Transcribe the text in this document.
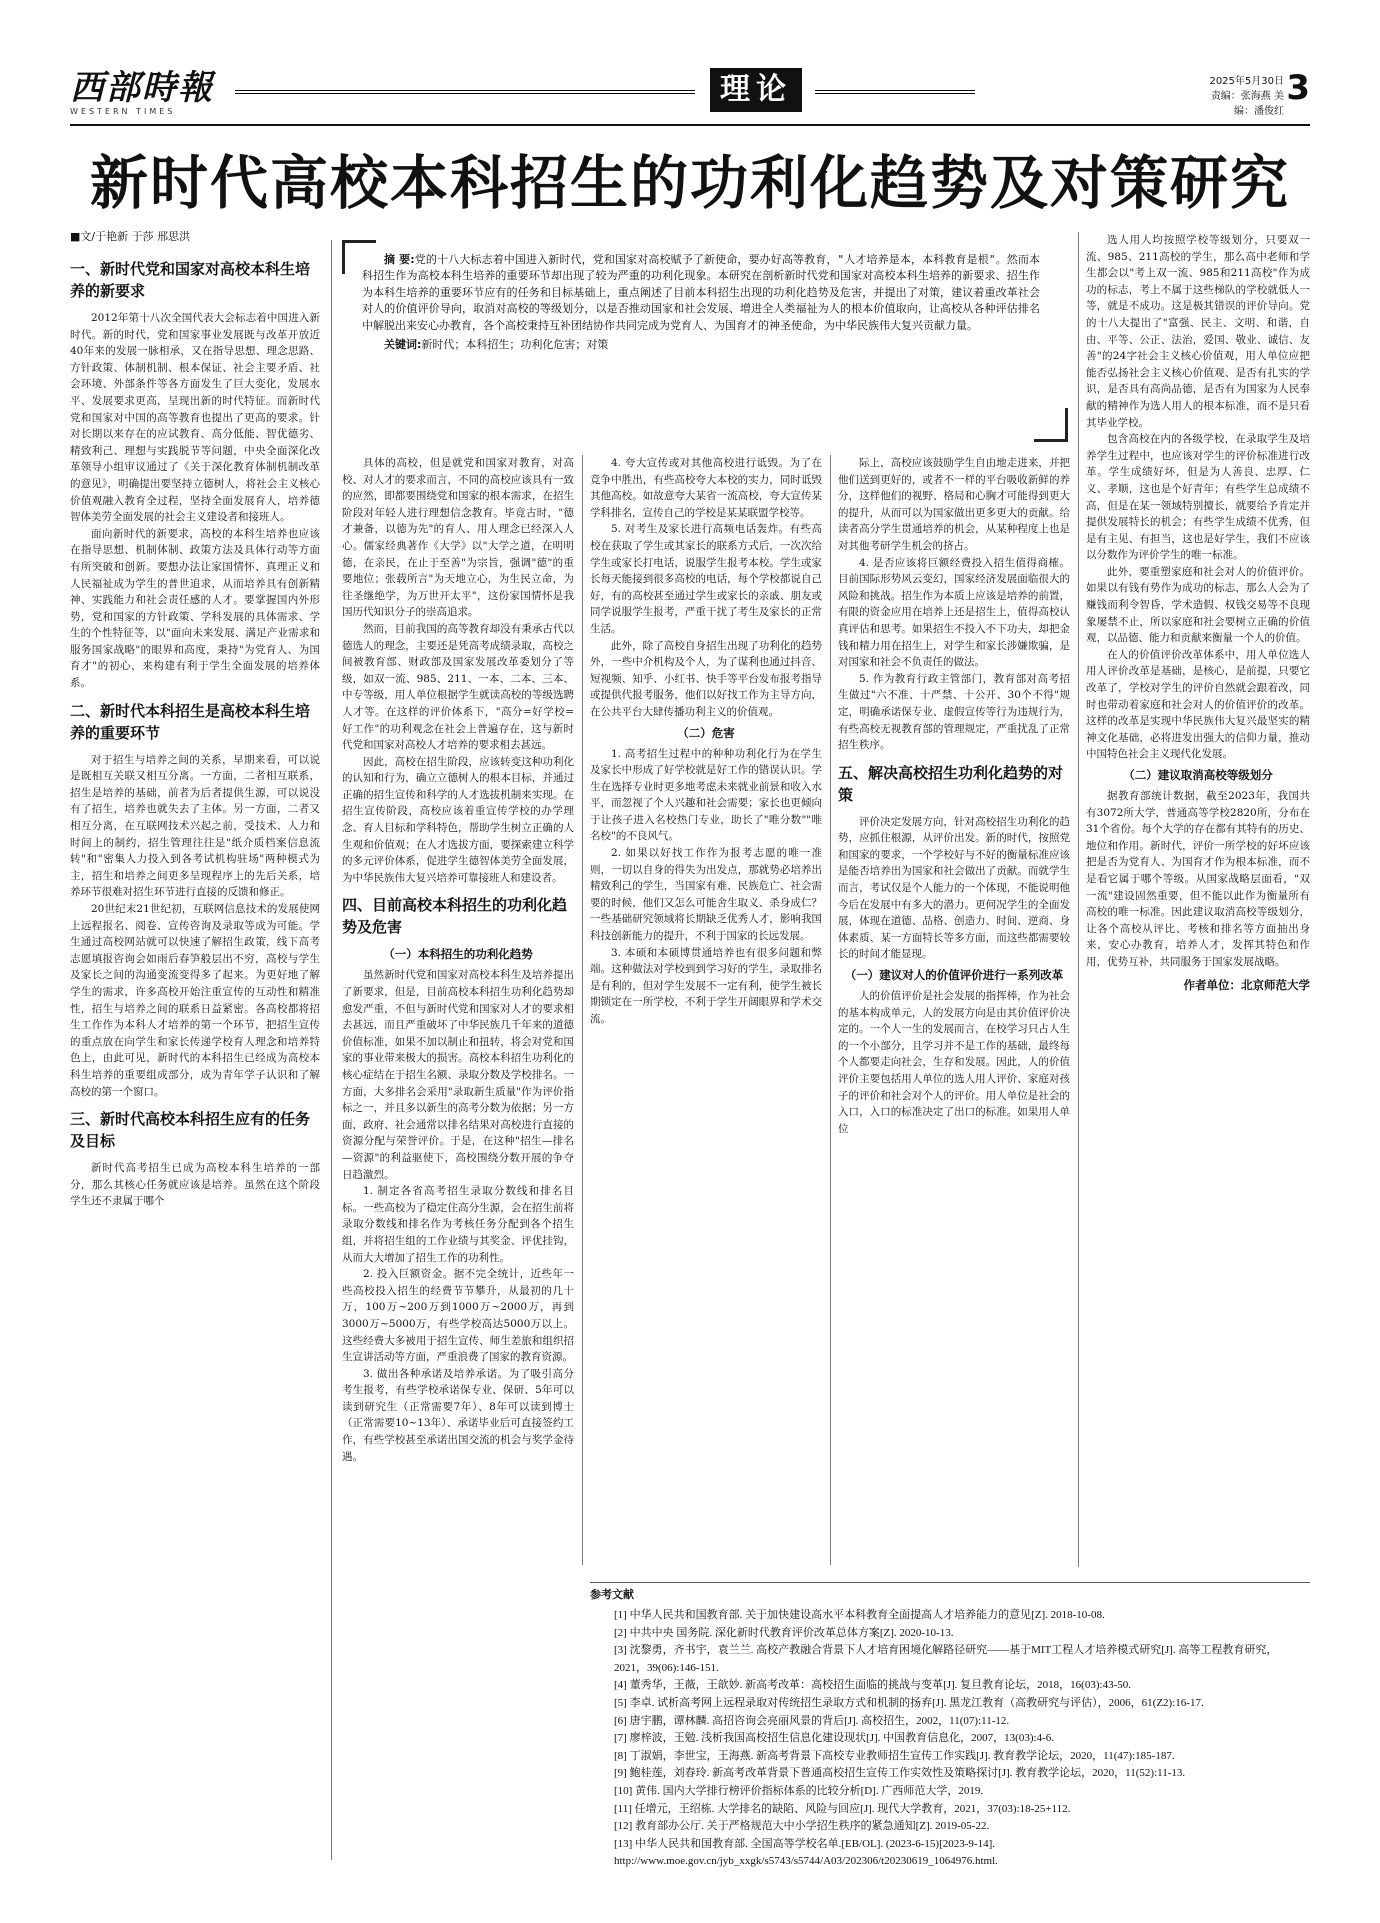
西部時報
WESTERN TIMES
理论	2025年5月30日
责编：张海燕 美编：潘俊红
3
新时代高校本科招生的功利化趋势及对策研究
■文/于艳新 于莎 邢思洪

摘 要:党的十八大标志着中国进入新时代，党和国家对高校赋予了新使命，要办好高等教育，"人才培养是本，本科教育是根"。然而本科招生作为高校本科生培养的重要环节却出现了较为严重的功利化现象。本研究在剖析新时代党和国家对高校本科生培养的新要求、招生作为本科生培养的重要环节应有的任务和目标基础上，重点阐述了目前本科招生出现的功利化趋势及危害，并提出了对策，建议着重改革社会对人的价值评价导向，取消对高校的等级划分，以是否推动国家和社会发展、增进全人类福祉为人的根本价值取向，让高校从各种评估排名中解脱出来安心办教育，各个高校秉持互补团结协作共同完成为党育人、为国育才的神圣使命，为中华民族伟大复兴贡献力量。

关键词:新时代；本科招生；功利化危害；对策

一、新时代党和国家对高校本科生培养的新要求

2012年第十八次全国代表大会标志着中国进入新时代。新的时代，党和国家事业发展既与改革开放近40年来的发展一脉相承，又在指导思想、理念思路、方针政策、体制机制、根本保证、社会主要矛盾、社会环境、外部条件等各方面发生了巨大变化，发展水平、发展要求更高，呈现出新的时代特征。而新时代党和国家对中国的高等教育也提出了更高的要求。针对长期以来存在的应试教育、高分低能、智优德劣、精致利己、理想与实践脱节等问题，中央全面深化改革领导小组审议通过了《关于深化教育体制机制改革的意见》，明确提出要坚持立德树人，将社会主义核心价值观融入教育全过程，坚持全面发展育人，培养德智体美劳全面发展的社会主义建设者和接班人。

面向新时代的新要求，高校的本科生培养也应该在指导思想、机制体制、政策方法及具体行动等方面有所突破和创新。要想办法让家国情怀、真理正义和人民福祉成为学生的普世追求，从而培养具有创新精神、实践能力和社会责任感的人才。要掌握国内外形势，党和国家的方针政策、学科发展的具体需求、学生的个性特征等，以"面向未来发展、满足产业需求和服务国家战略"的眼界和高度，秉持"为党育人、为国育才"的初心，来构建有利于学生全面发展的培养体系。

二、新时代本科招生是高校本科生培养的重要环节

对于招生与培养之间的关系，早期来看，可以说是既相互关联又相互分离。一方面，二者相互联系，招生是培养的基础，前者为后者提供生源，可以说没有了招生，培养也就失去了主体。另一方面，二者又相互分离，在互联网技术兴起之前，受技术、人力和时间上的制约，招生管理往往是"纸介质档案信息流转"和"密集人力投入到各考试机构驻场"两种模式为主，招生和培养之间更多呈现程序上的先后关系，培养环节很难对招生环节进行直接的反馈和修正。

20世纪末21世纪初，互联网信息技术的发展使网上远程报名、阅卷、宣传咨询及录取等成为可能。学生通过高校网站就可以快速了解招生政策，线下高考志愿填报咨询会如雨后春笋般层出不穷，高校与学生及家长之间的沟通变流变得多了起来。为更好地了解学生的需求，许多高校开始注重宣传的互动性和精准性，招生与培养之间的联系日益紧密。各高校都将招生工作作为本科人才培养的第一个环节，把招生宣传的重点放在向学生和家长传递学校育人理念和培养特色上，由此可见，新时代的本科招生已经成为高校本科生培养的重要组成部分，成为青年学子认识和了解高校的第一个窗口。

三、新时代高校本科招生应有的任务及目标

新时代高考招生已成为高校本科生培养的一部分，那么其核心任务就应该是培养。虽然在这个阶段学生还不隶属于哪个

具体的高校，但是就党和国家对教育，对高校、对人才的要求而言，不同的高校应该具有一致的应然，即都要围绕党和国家的根本需求，在招生阶段对年轻人进行理想信念教育。毕竟古时，"德才兼备，以德为先"的育人、用人理念已经深入人心。儒家经典著作《大学》以"大学之道，在明明德，在亲民，在止于至善"为宗旨，强调"德"的重要地位；张载所言"为天地立心，为生民立命，为往圣继绝学，为万世开太平"，这份家国情怀是我国历代知识分子的崇高追求。

然而，目前我国的高等教育却没有秉承古代以德选人的理念，主要还是凭高考成绩录取，高校之间被教育部、财政部及国家发展改革委划分了等级，如双一流、985、211、一本、二本、三本、中专等级，用人单位根据学生就读高校的等级选聘人才等。在这样的评价体系下，"高分=好学校=好工作"的功利观念在社会上普遍存在，这与新时代党和国家对高校人才培养的要求相去甚远。

因此，高校在招生阶段，应该转变这种功利化的认知和行为，确立立德树人的根本目标，并通过正确的招生宣传和科学的人才选拔机制来实现。在招生宣传阶段，高校应该着重宣传学校的办学理念、育人目标和学科特色，帮助学生树立正确的人生观和价值观；在人才选拔方面，要探索建立科学的多元评价体系，促进学生德智体美劳全面发展，为中华民族伟大复兴培养可靠接班人和建设者。

四、目前高校本科招生的功利化趋势及危害
（一）本科招生的功利化趋势

虽然新时代党和国家对高校本科生及培养提出了新要求，但是，目前高校本科招生功利化趋势却愈发严重，不但与新时代党和国家对人才的要求相去甚远，而且严重破坏了中华民族几千年来的道德价值标准，如果不加以制止和扭转，将会对党和国家的事业带来极大的损害。高校本科招生功利化的核心症结在于招生名额、录取分数及学校排名。一方面，大多排名会采用"录取新生质量"作为评价指标之一，并且多以新生的高考分数为依据；另一方面，政府、社会通常以排名结果对高校进行直接的资源分配与荣誉评价。于是，在这种"招生—排名—资源"的利益驱使下，高校围绕分数开展的争夺日趋激烈。

1. 制定各省高考招生录取分数线和排名目标。一些高校为了稳定住高分生源，会在招生前将录取分数线和排名作为考核任务分配到各个招生组，并将招生组的工作业绩与其奖金、评优挂钩，从而大大增加了招生工作的功利性。

2. 投入巨额资金。据不完全统计，近些年一些高校投入招生的经费节节攀升，从最初的几十万，100万~200万到1000万~2000万，再到3000万~5000万，有些学校高达5000万以上。这些经费大多被用于招生宣传、师生差旅和组织招生宣讲活动等方面，严重浪费了国家的教育资源。

3. 做出各种承诺及培养承诺。为了吸引高分考生报考，有些学校承诺保专业、保研、5年可以读到研究生（正常需要7年）、8年可以读到博士（正常需要10~13年）、承诺毕业后可直接签约工作，有些学校甚至承诺出国交流的机会与奖学金待遇。

4. 夸大宣传或对其他高校进行诋毁。为了在竞争中胜出，有些高校夸大本校的实力，同时诋毁其他高校。如故意夸大某省一流高校，夸大宣传某学科排名，宣传自己的学校是某某联盟学校等。

5. 对考生及家长进行高频电话轰炸。有些高校在获取了学生或其家长的联系方式后，一次次给学生或家长打电话，说服学生报考本校。学生或家长每天能接到很多高校的电话，每个学校都说自己好，有的高校甚至通过学生或家长的亲戚、朋友或同学说服学生报考，严重干扰了考生及家长的正常生活。

此外，除了高校自身招生出现了功利化的趋势外，一些中介机构及个人，为了谋利也通过抖音、短视频、知乎、小红书、快手等平台发布报考指导或提供代报考服务，他们以好找工作为主导方向，在公共平台大肆传播功利主义的价值观。

（二）危害

1. 高考招生过程中的种种功利化行为在学生及家长中形成了好学校就是好工作的错误认识。学生在选择专业时更多地考虑未来就业前景和收入水平，而忽视了个人兴趣和社会需要；家长也更倾向于让孩子进入名校热门专业，助长了"唯分数""唯名校"的不良风气。

2. 如果以好找工作作为报考志愿的唯一准则，一切以自身的得失为出发点，那就势必培养出精致利己的学生，当国家有难、民族危亡、社会需要的时候，他们又怎么可能舍生取义、杀身成仁？一些基础研究领域将长期缺乏优秀人才，影响我国科技创新能力的提升，不利于国家的长远发展。

3. 本硕和本硕博贯通培养也有很多问题和弊端。这种做法对学校到到学习好的学生，录取排名是有利的，但对学生发展不一定有利，使学生被长期锁定在一所学校，不利于学生开阔眼界和学术交流。

际上，高校应该鼓励学生自由地走进来，并把他们送到更好的，或者不一样的平台吸收新鲜的养分，这样他们的视野、格局和心胸才可能得到更大的提升，从而可以为国家做出更多更大的贡献。给读者高分学生贯通培养的机会，从某种程度上也是对其他考研学生机会的挤占。

4. 是否应该将巨额经费投入招生值得商榷。目前国际形势风云变幻，国家经济发展面临很大的风险和挑战。招生作为本质上应该是培养的前置，有限的资金应用在培养上还是招生上，值得高校认真评估和思考。如果招生不投入不下功夫，却把金钱和精力用在招生上，对学生和家长涉嫌欺骗，是对国家和社会不负责任的做法。

5. 作为教育行政主管部门，教育部对高考招生做过"六不准、十严禁、十公开、30个不得"规定，明确承诺保专业、虚假宣传等行为违规行为，有些高校无视教育部的管理规定，严重扰乱了正常招生秩序。

五、解决高校招生功利化趋势的对策

评价决定发展方向，针对高校招生功利化的趋势，应抓住根源，从评价出发。新的时代，按照党和国家的要求，一个学校好与不好的衡量标准应该是能否培养出为国家和社会做出了贡献。而就学生而言，考试仅是个人能力的一个体现，不能说明他今后在发展中有多大的潜力。更何况学生的全面发展，体现在道德、品格、创造力、时间、逆商、身体素质、某一方面特长等多方面，而这些都需要较长的时间才能显现。

（一）建议对人的价值评价进行一系列改革

人的价值评价是社会发展的指挥棒，作为社会的基本构成单元，人的发展方向是由其价值评价决定的。一个人一生的发展而言，在校学习只占人生的一个小部分，且学习并不是工作的基础，最终每个人都要走向社会，生存和发展。因此，人的价值评价主要包括用人单位的选人用人评价、家庭对孩子的评价和社会对个人的评价。用人单位是社会的入口，入口的标准决定了出口的标准。如果用人单位

选人用人均按照学校等级划分，只要双一流、985、211高校的学生，那么高中老师和学生都会以"考上双一流、985和211高校"作为成功的标志，考上不属于这些梯队的学校就低人一等，就是不成功。这是极其错误的评价导向。党的十八大提出了"富强、民主、文明、和谐，自由、平等、公正、法治，爱国、敬业、诚信、友善"的24字社会主义核心价值观，用人单位应把能否弘扬社会主义核心价值观、是否有扎实的学识，是否具有高尚品德，是否有为国家为人民奉献的精神作为选人用人的根本标准，而不是只看其毕业学校。

包含高校在内的各级学校，在录取学生及培养学生过程中，也应该对学生的评价标准进行改革。学生成绩好坏，但是为人善良、忠厚、仁义、孝顺，这也是个好青年；有些学生总成绩不高，但是在某一领域特别擅长，就要给予肯定并提供发展特长的机会；有些学生成绩不优秀，但是有主见、有担当，这也是好学生，我们不应该以分数作为评价学生的唯一标准。

此外，要重塑家庭和社会对人的价值评价。如果以有钱有势作为成功的标志，那么人会为了赚钱而利令智昏，学术造假、权钱交易等不良现象屡禁不止，所以家庭和社会要树立正确的价值观，以品德、能力和贡献来衡量一个人的价值。

在人的价值评价改革体系中，用人单位选人用人评价改革是基础，是核心，是前提，只要它改革了，学校对学生的评价自然就会跟着改，同时也带动着家庭和社会对人的价值评价的改革。这样的改革是实现中华民族伟大复兴最坚实的精神文化基础，必将进发出强大的信仰力量，推动中国特色社会主义现代化发展。

（二）建议取消高校等级划分

据教育部统计数据，截至2023年，我国共有3072所大学，普通高等学校2820所，分布在31个省份。每个大学的存在都有其特有的历史、地位和作用。新时代，评价一所学校的好坏应该把是否为党育人、为国育才作为根本标准，而不是看它属于哪个等级。从国家战略层面看，"双一流"建设固然重要，但不能以此作为衡量所有高校的唯一标准。因此建议取消高校等级划分，让各个高校从评比、考核和排名等方面抽出身来，安心办教育，培养人才，发挥其特色和作用，优势互补，共同服务于国家发展战略。

作者单位：北京师范大学
参考文献
[1] 中华人民共和国教育部. 关于加快建设高水平本科教育全面提高人才培养能力的意见[Z]. 2018-10-08.
[2] 中共中央 国务院. 深化新时代教育评价改革总体方案[Z]. 2020-10-13.
[3] 沈黎勇，齐书宇，袁兰兰. 高校产教融合背景下人才培育困境化解路径研究——基于MIT工程人才培养模式研究[J]. 高等工程教育研究，2021，39(06):146-151.
[4] 董秀华，王薇，王歆妙. 新高考改革：高校招生面临的挑战与变革[J]. 复旦教育论坛，2018，16(03):43-50.
[5] 李卓. 试析高考网上远程录取对传统招生录取方式和机制的扬弃[J]. 黑龙江教育（高教研究与评估），2006，61(Z2):16-17.
[6] 唐宇鹏，谭林麟. 高招咨询会亮丽风景的背后[J]. 高校招生，2002，11(07):11-12.
[7] 廖梓波，王勉. 浅析我国高校招生信息化建设现状[J]. 中国教育信息化，2007，13(03):4-6.
[8] 丁淑娟，李世宝，王海燕. 新高考背景下高校专业教师招生宣传工作实践[J]. 教育教学论坛，2020，11(47):185-187.
[9] 鲍桂莲，刘春玲. 新高考改革背景下普通高校招生宣传工作实效性及策略探讨[J]. 教育教学论坛，2020，11(52):11-13.
[10] 黄伟. 国内大学排行榜评价指标体系的比较分析[D]. 广西师范大学，2019.
[11] 任增元，王绍栋. 大学排名的缺陷、风险与回应[J]. 现代大学教育，2021，37(03):18-25+112.
[12] 教育部办公厅. 关于严格规范大中小学招生秩序的紧急通知[Z]. 2019-05-22.
[13] 中华人民共和国教育部. 全国高等学校名单.[EB/OL]. (2023-6-15)[2023-9-14]. http://www.moe.gov.cn/jyb_xxgk/s5743/s5744/A03/202306/t20230619_1064976.html.
